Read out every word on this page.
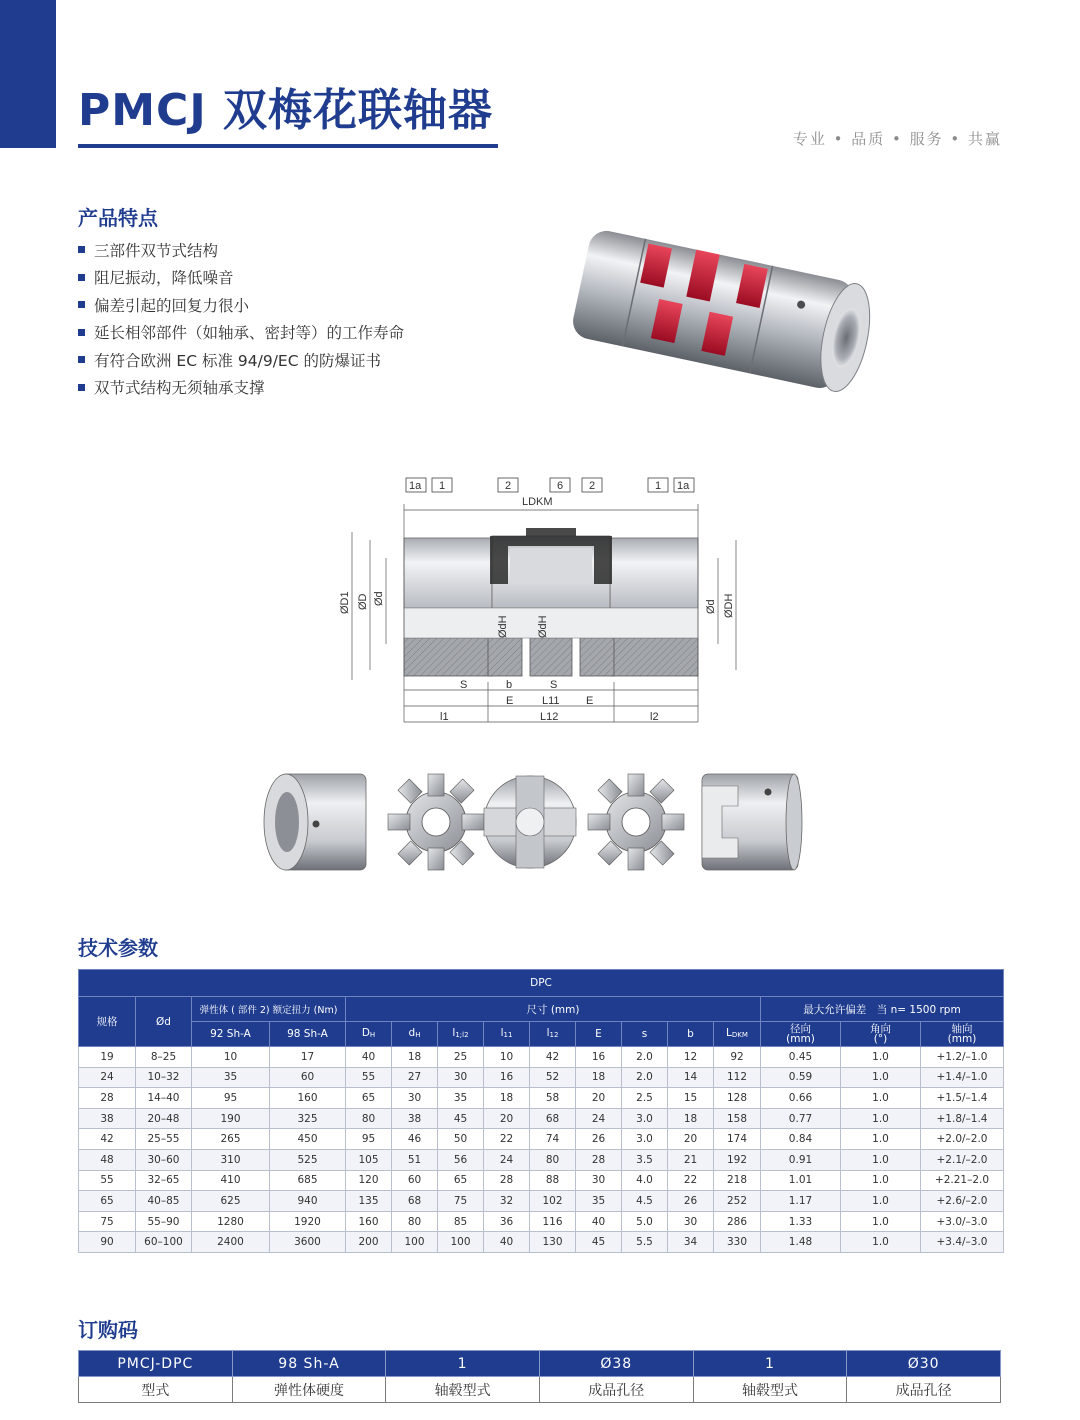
PMCJ 双梅花联轴器
专业 • 品质 • 服务 • 共赢
产品特点
三部件双节式结构
阻尼振动，降低噪音
偏差引起的回复力很小
延长相邻部件（如轴承、密封等）的工作寿命
有符合欧洲 EC 标准 94/9/EC 的防爆证书
双节式结构无须轴承支撑
1a 1	2	6 2	1 1a
LDKM
ØD1 ØD Ød
Ød ØDH
ØdH	ØdH
S	b	S
E	L11 E
l1	L12	l2
技术参数
DPC															
规格	Ød	弹性体 ( 部件 2) 额定扭力 (Nm)		尺寸 (mm)									最大允许偏差　当 n= 1500 rpm		
		92 Sh-A	98 Sh-A	DH	dH	l1;l2	l11	l12	E	s	b	LDKM	径向
(mm)	角向
(°)	轴向
(mm)
19	8–25	10	17	40	18	25	10	42	16	2.0	12	92	0.45	1.0	+1.2/–1.0
24	10–32	35	60	55	27	30	16	52	18	2.0	14	112	0.59	1.0	+1.4/–1.0
28	14–40	95	160	65	30	35	18	58	20	2.5	15	128	0.66	1.0	+1.5/–1.4
38	20–48	190	325	80	38	45	20	68	24	3.0	18	158	0.77	1.0	+1.8/–1.4
42	25–55	265	450	95	46	50	22	74	26	3.0	20	174	0.84	1.0	+2.0/–2.0
48	30–60	310	525	105	51	56	24	80	28	3.5	21	192	0.91	1.0	+2.1/–2.0
55	32–65	410	685	120	60	65	28	88	30	4.0	22	218	1.01	1.0	+2.21–2.0
65	40–85	625	940	135	68	75	32	102	35	4.5	26	252	1.17	1.0	+2.6/–2.0
75	55–90	1280	1920	160	80	85	36	116	40	5.0	30	286	1.33	1.0	+3.0/–3.0
90	60–100	2400	3600	200	100	100	40	130	45	5.5	34	330	1.48	1.0	+3.4/–3.0
订购码
PMCJ-DPC	98 Sh-A	1	Ø38	1	Ø30
型式	弹性体硬度	轴毂型式	成品孔径	轴毂型式	成品孔径
